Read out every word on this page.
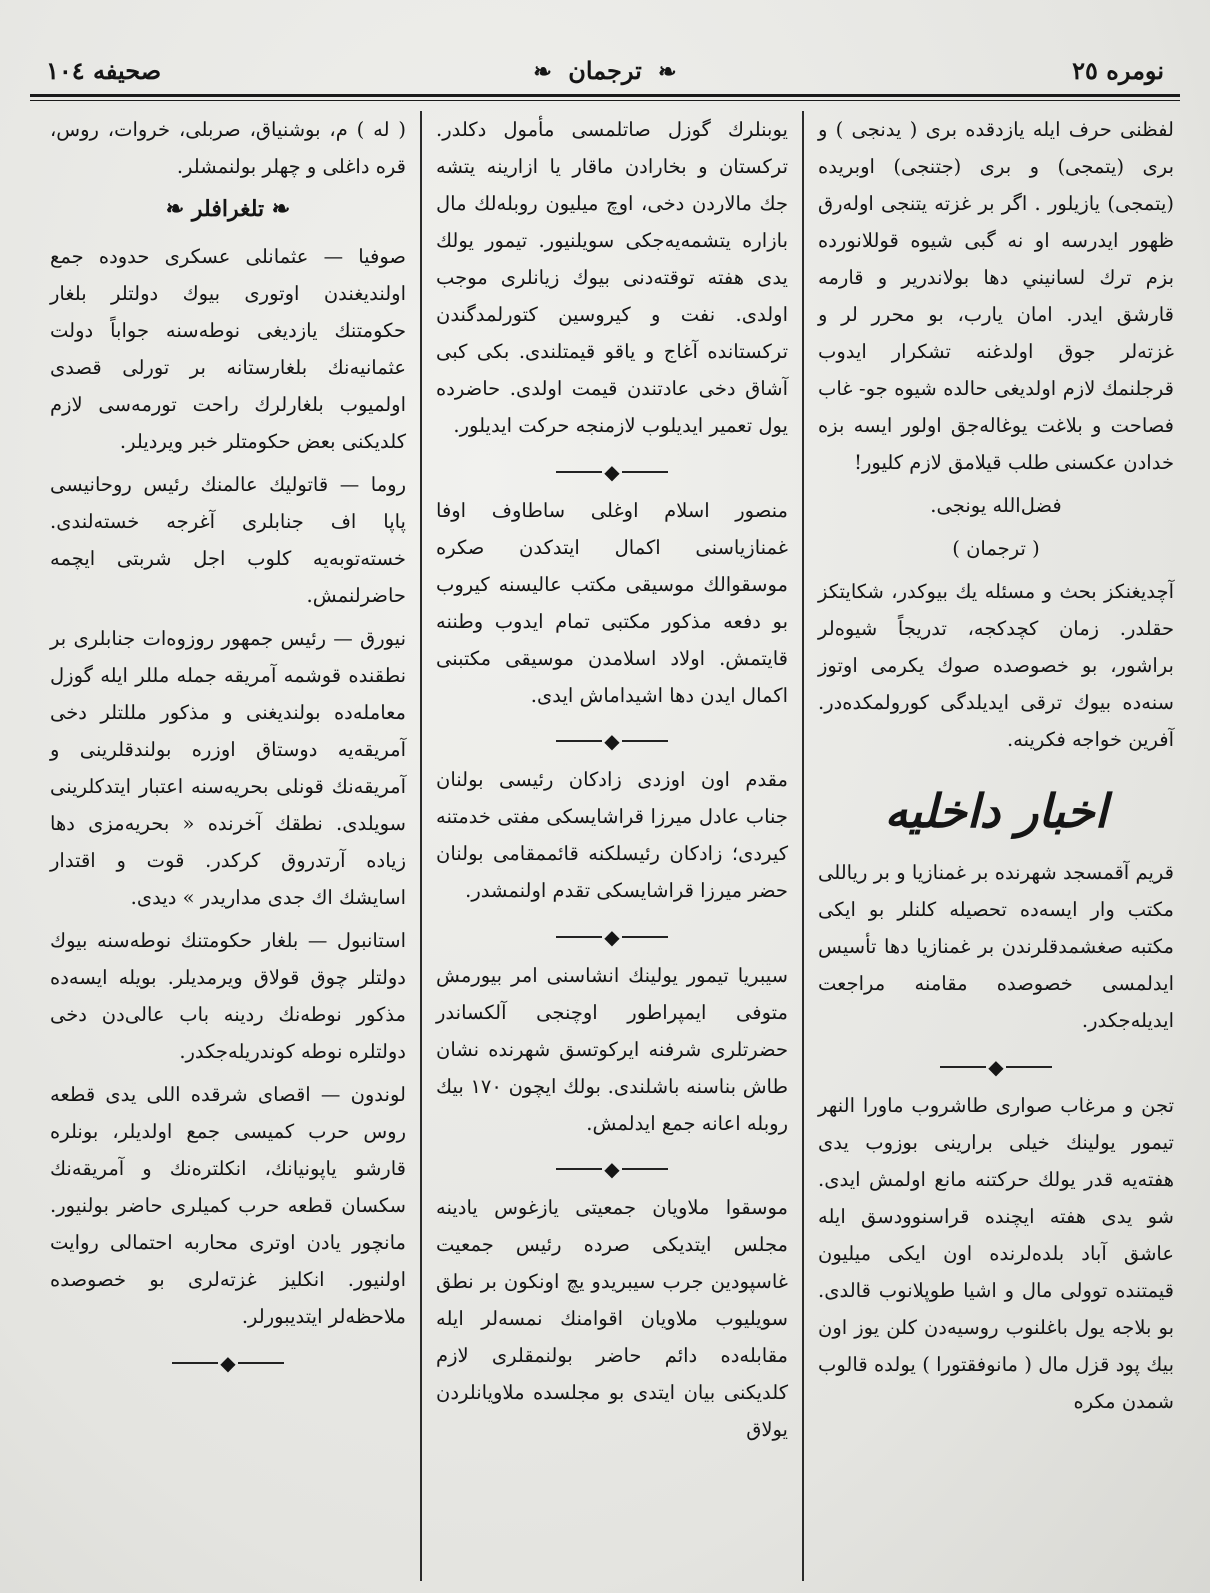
نومره ٢٥
❧ ترجمان ❧
صحيفه ١٠٤

لفظنى حرف ايله يازدقده برى ( يدنجى ) و برى (يتمجى) و برى (جتنجى) اوبريده (يتمجى) يازيلور . اگر بر غزته يتنجى اولەرق ظهور ايدرسه او نه گبى شيوه قوللانورده بزم ترك لسانيني دها بولاندرير و قارمه قارشق ايدر. امان يارب، بو محرر لر و غزتەلر جوق اولدغنه تشكرار ايدوب قرجلنمك لازم اولديغى حالده شيوه جو- غاب فصاحت و بلاغت يوغالەجق اولور ايسه بزه خدادن عكسنى طلب قيلامق لازم كليور!

فضل‌الله يونجى.

( ترجمان )

آچديغنكز بحث و مسئله يك بيوكدر، شكايتكز حقلدر. زمان كچدكجه، تدريجاً شيوەلر براشور، بو خصوصده صوك يكرمى اوتوز سنەده بيوك ترقى ايديلدگى كورولمكدەدر. آفرين خواجه فكرينه.

اخبار داخليه

قريم آقمسجد شهرنده بر غمنازيا و بر رياللى مكتب وار ايسەده تحصيله كلنلر بو ايكى مكتبه صغشمدقلرندن بر غمنازيا دها تأسيس ايدلمسى خصوصده مقامنه مراجعت ايديلەجكدر.

◆

تجن و مرغاب صوارى طاشروب ماورا النهر تيمور يولينك خيلى برارينى بوزوب يدى هفتەيه قدر يولك حركتنه مانع اولمش ايدى. شو يدى هفته ايچنده قراسنوودسق ايله عاشق آباد بلدەلرنده اون ايكى ميليون قيمتنده توولى مال و اشيا طوپلانوب قالدى. بو بلاجه يول باغلنوب روسيەدن كلن يوز اون بيك پود قزل مال ( مانوفقتورا ) يولده قالوب شمدن مكره

يوبنلرك گوزل صاتلمسى مأمول دكلدر. تركستان و بخارادن ماقار يا ازارينه يتشه جك مالاردن دخى، اوچ ميليون روبلەلك مال بازاره يتشمەيەجكى سويلنيور. تيمور يولك يدى هفته توقتەدنى بيوك زيانلرى موجب اولدى. نفت و كيروسين كتورلمدگندن تركستانده آغاج و ياقو قيمتلندى. بكى كبى آشاق دخى عادتندن قيمت اولدى. حاضرده يول تعمير ايديلوب لازمنجه حركت ايديلور.

◆

منصور اسلام اوغلى ساطاوف اوفا غمنازياسنى اكمال ايتدكدن صكره موسقوالك موسيقى مكتب عاليسنه كيروب بو دفعه مذكور مكتبى تمام ايدوب وطننه قايتمش. اولاد اسلامدن موسيقى مكتبنى اكمال ايدن دها اشيداماش ايدى.

◆

مقدم اون اوزدى زادكان رئيسى بولنان جناب عادل ميرزا قراشايسكى مفتى خدمتنه كيردى؛ زادكان رئيسلكنه قائممقامى بولنان حضر ميرزا قراشايسكى تقدم اولنمشدر.

◆

سيبريا تيمور يولينك انشاسنى امر بيورمش متوفى ايمپراطور اوچنجى آلكساندر حضرتلرى شرفنه ايركوتسق شهرنده نشان طاش بناسنه باشلندى. بولك ايچون ١٧٠ بيك روبله اعانه جمع ايدلمش.

◆

موسقوا ملاويان جمعيتى يازغوس يادينه مجلس ايتديكى صرده رئيس جمعيت غاسپودين جرب سيبريدو يچ اونكون بر نطق سويليوب ملاويان اقوامنك نمسەلر ايله مقابلەده دائم حاضر بولنمقلرى لازم كلديكنى بيان ايتدى بو مجلسده ملاويانلردن يولاق

( له ) م، بوشنياق، صربلى، خروات، روس، قره داغلى و چهلر بولنمشلر.

❧ تلغرافلر ❧

صوفيا — عثمانلى عسكرى حدوده جمع اولنديغندن اوتورى بيوك دولتلر بلغار حكومتنك يازديغى نوطەسنه جواباً دولت عثمانيەنك بلغارستانه بر تورلى قصدى اولميوب بلغارلرك راحت تورمەسى لازم كلديكنى بعض حكومتلر خبر ويرديلر.

روما — قاتوليك عالمنك رئيس روحانيسى پاپا اف جنابلرى آغرجه خستەلندى. خستەتوبەيه كلوب اجل شربتى ايچمه حاضرلنمش.

نيورق — رئيس جمهور روزوەات جنابلرى بر نطقنده قوشمه آمريقه جمله مللر ايله گوزل معاملەده بولنديغنى و مذكور مللتلر دخى آمريقەيه دوستاق اوزره بولندقلرينى و آمريقەنك قونلى بحريەسنه اعتبار ايتدكلرينى سويلدى. نطقك آخرنده « بحريەمزى دها زياده آرتدروق كركدر. قوت و اقتدار اسايشك اك جدى مداريدر » ديدى.

استانبول — بلغار حكومتنك نوطەسنه بيوك دولتلر چوق قولاق ويرمديلر. بويلە ايسەده مذكور نوطەنك ردينه باب عالى‌دن دخى دولتلره نوطه كوندريلەجكدر.

لوندون — اقصاى شرقده اللى يدى قطعه روس حرب كميسى جمع اولديلر، بونلره قارشو ياپونيانك، انكلترەنك و آمريقەنك سكسان قطعه حرب كميلرى حاضر بولنيور. مانچور يادن اوترى محاربه احتمالى روايت اولنيور. انكليز غزتەلرى بو خصوصده ملاحظەلر ايتديبورلر.

◆
